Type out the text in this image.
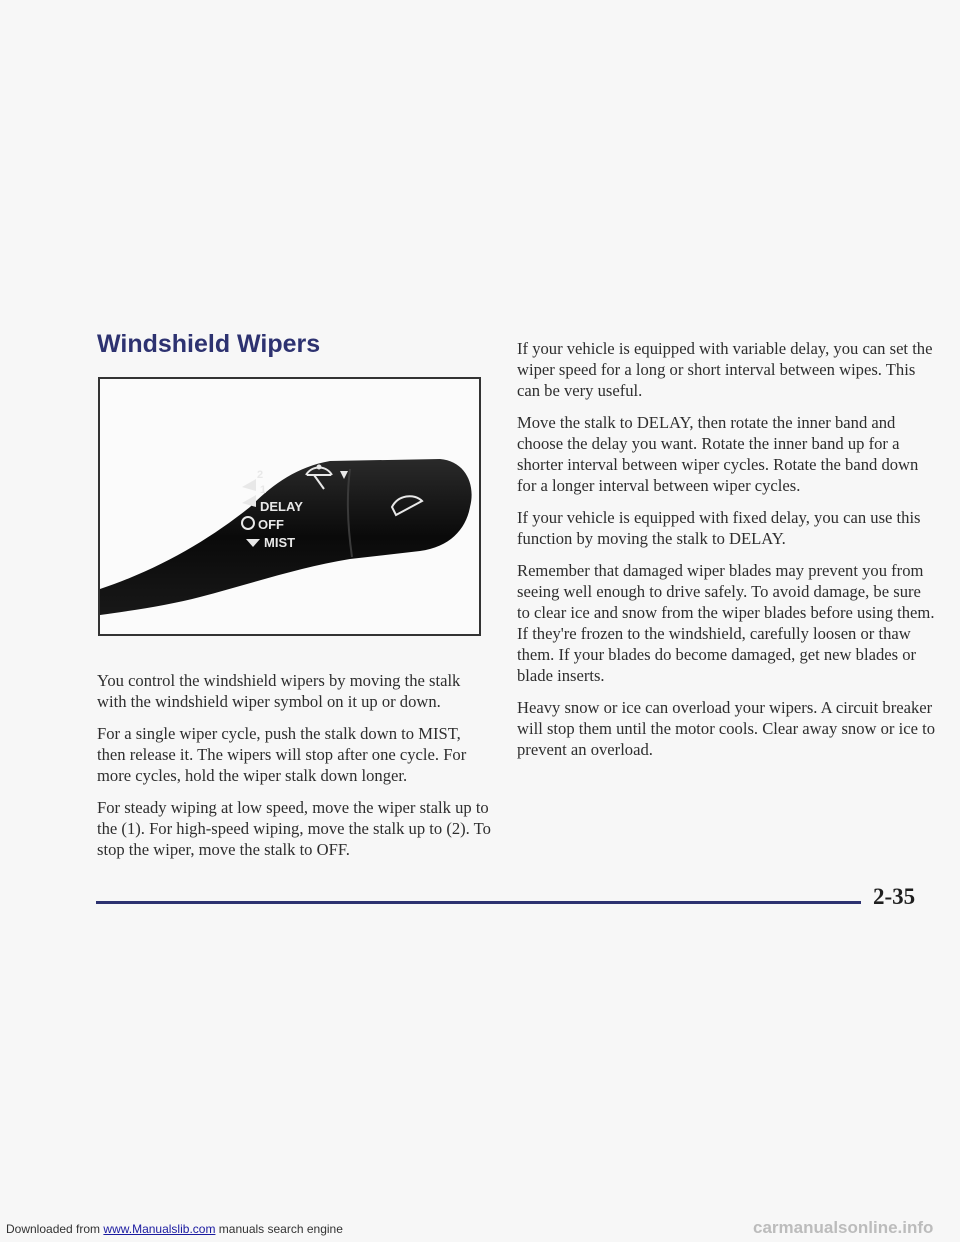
Windshield Wipers
2
1
DELAY
OFF
MIST

You control the windshield wipers by moving the stalk with the windshield wiper symbol on it up or down.

For a single wiper cycle, push the stalk down to MIST, then release it. The wipers will stop after one cycle. For more cycles, hold the wiper stalk down longer.

For steady wiping at low speed, move the wiper stalk up to the (1). For high-speed wiping, move the stalk up to (2). To stop the wiper, move the stalk to OFF.

If your vehicle is equipped with variable delay, you can set the wiper speed for a long or short interval between wipes. This can be very useful.

Move the stalk to DELAY, then rotate the inner band and choose the delay you want. Rotate the inner band up for a shorter interval between wiper cycles. Rotate the band down for a longer interval between wiper cycles.

If your vehicle is equipped with fixed delay, you can use this function by moving the stalk to DELAY.

Remember that damaged wiper blades may prevent you from seeing well enough to drive safely. To avoid damage, be sure to clear ice and snow from the wiper blades before using them. If they're frozen to the windshield, carefully loosen or thaw them. If your blades do become damaged, get new blades or blade inserts.

Heavy snow or ice can overload your wipers. A circuit breaker will stop them until the motor cools. Clear away snow or ice to prevent an overload.

2-35
Downloaded from www.Manualslib.com manuals search engine	carmanualsonline.info
